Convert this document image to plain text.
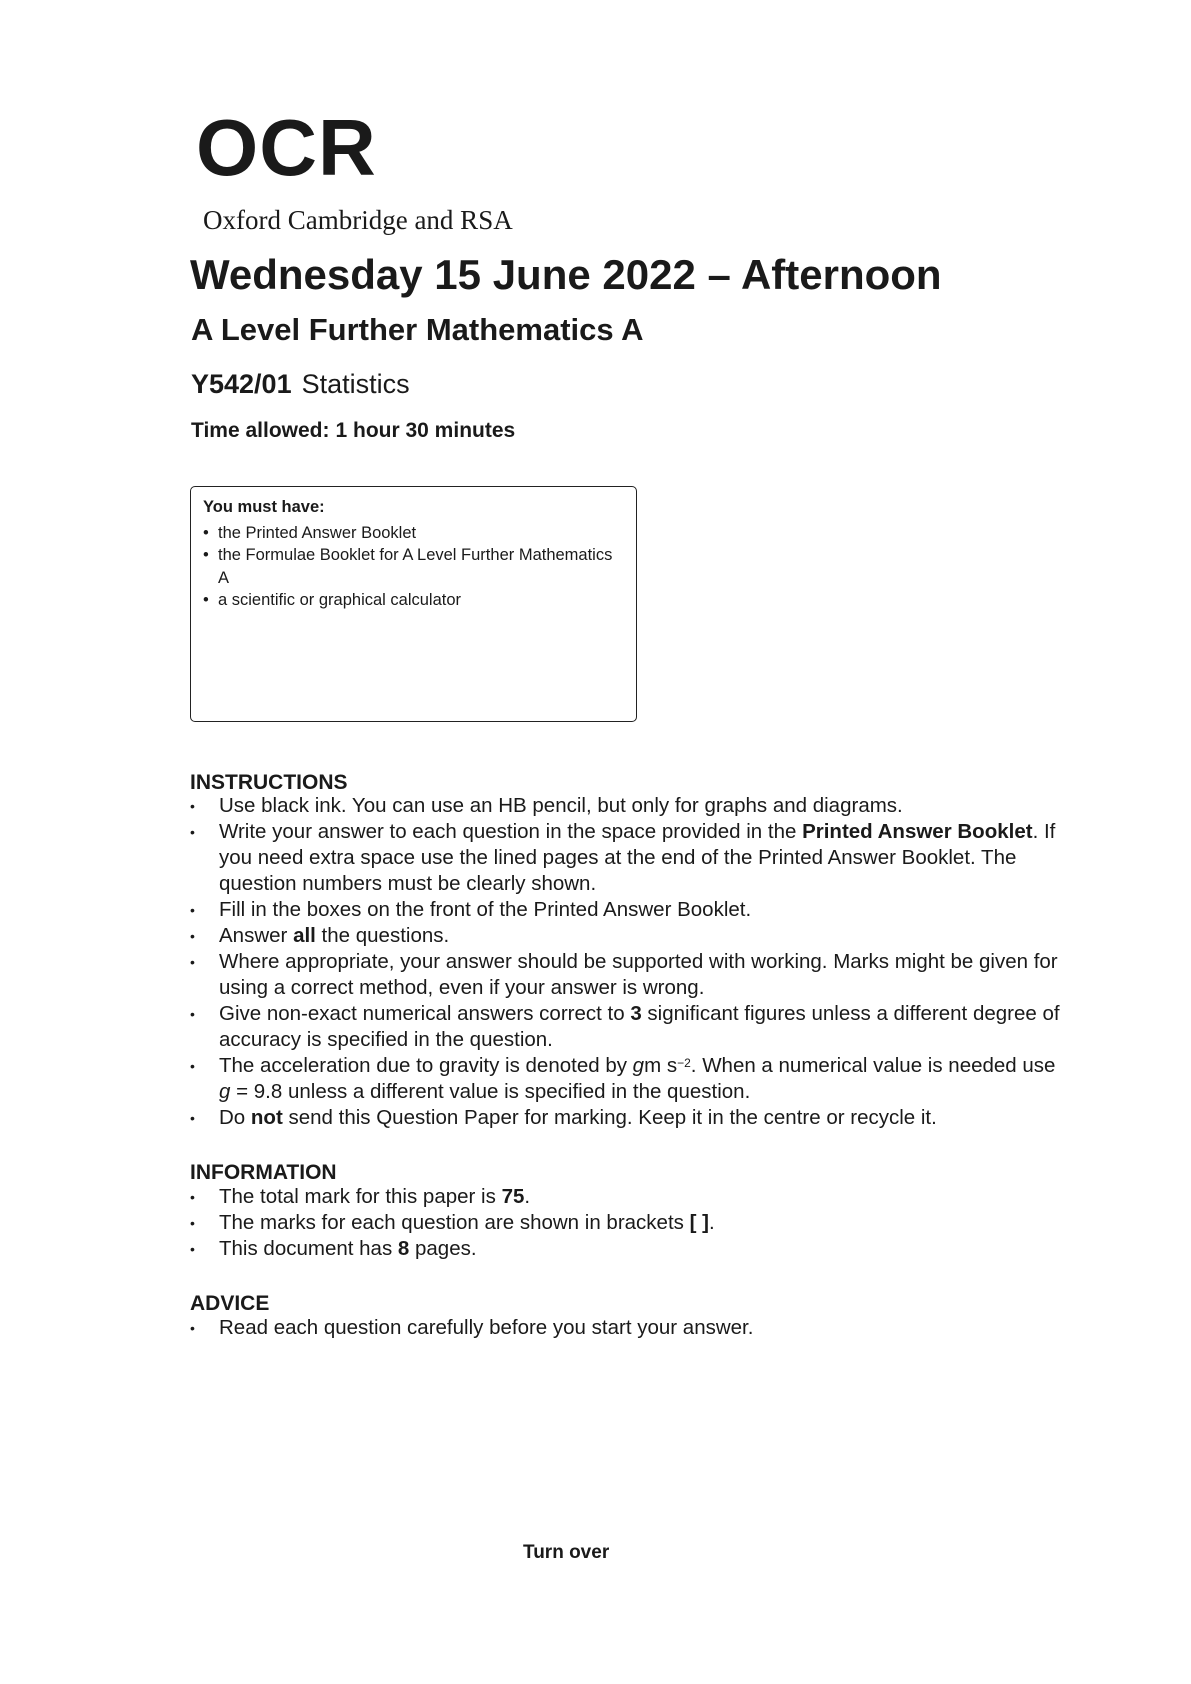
OCR
Oxford Cambridge and RSA
Wednesday 15 June 2022 – Afternoon
A Level Further Mathematics A
Y542/01 Statistics
Time allowed: 1 hour 30 minutes
You must have:
• the Printed Answer Booklet
• the Formulae Booklet for A Level Further Mathematics A
• a scientific or graphical calculator
INSTRUCTIONS
• Use black ink. You can use an HB pencil, but only for graphs and diagrams.
• Write your answer to each question in the space provided in the Printed Answer Booklet. If you need extra space use the lined pages at the end of the Printed Answer Booklet. The question numbers must be clearly shown.
• Fill in the boxes on the front of the Printed Answer Booklet.
• Answer all the questions.
• Where appropriate, your answer should be supported with working. Marks might be given for using a correct method, even if your answer is wrong.
• Give non-exact numerical answers correct to 3 significant figures unless a different degree of accuracy is specified in the question.
• The acceleration due to gravity is denoted by gm $s^{-2}$. When a numerical value is needed use g = 9.8 unless a different value is specified in the question.
• Do not send this Question Paper for marking. Keep it in the centre or recycle it.
INFORMATION
• The total mark for this paper is 75.
• The marks for each question are shown in brackets [ ].
• This document has 8 pages.
ADVICE
• Read each question carefully before you start your answer.
Turn over
